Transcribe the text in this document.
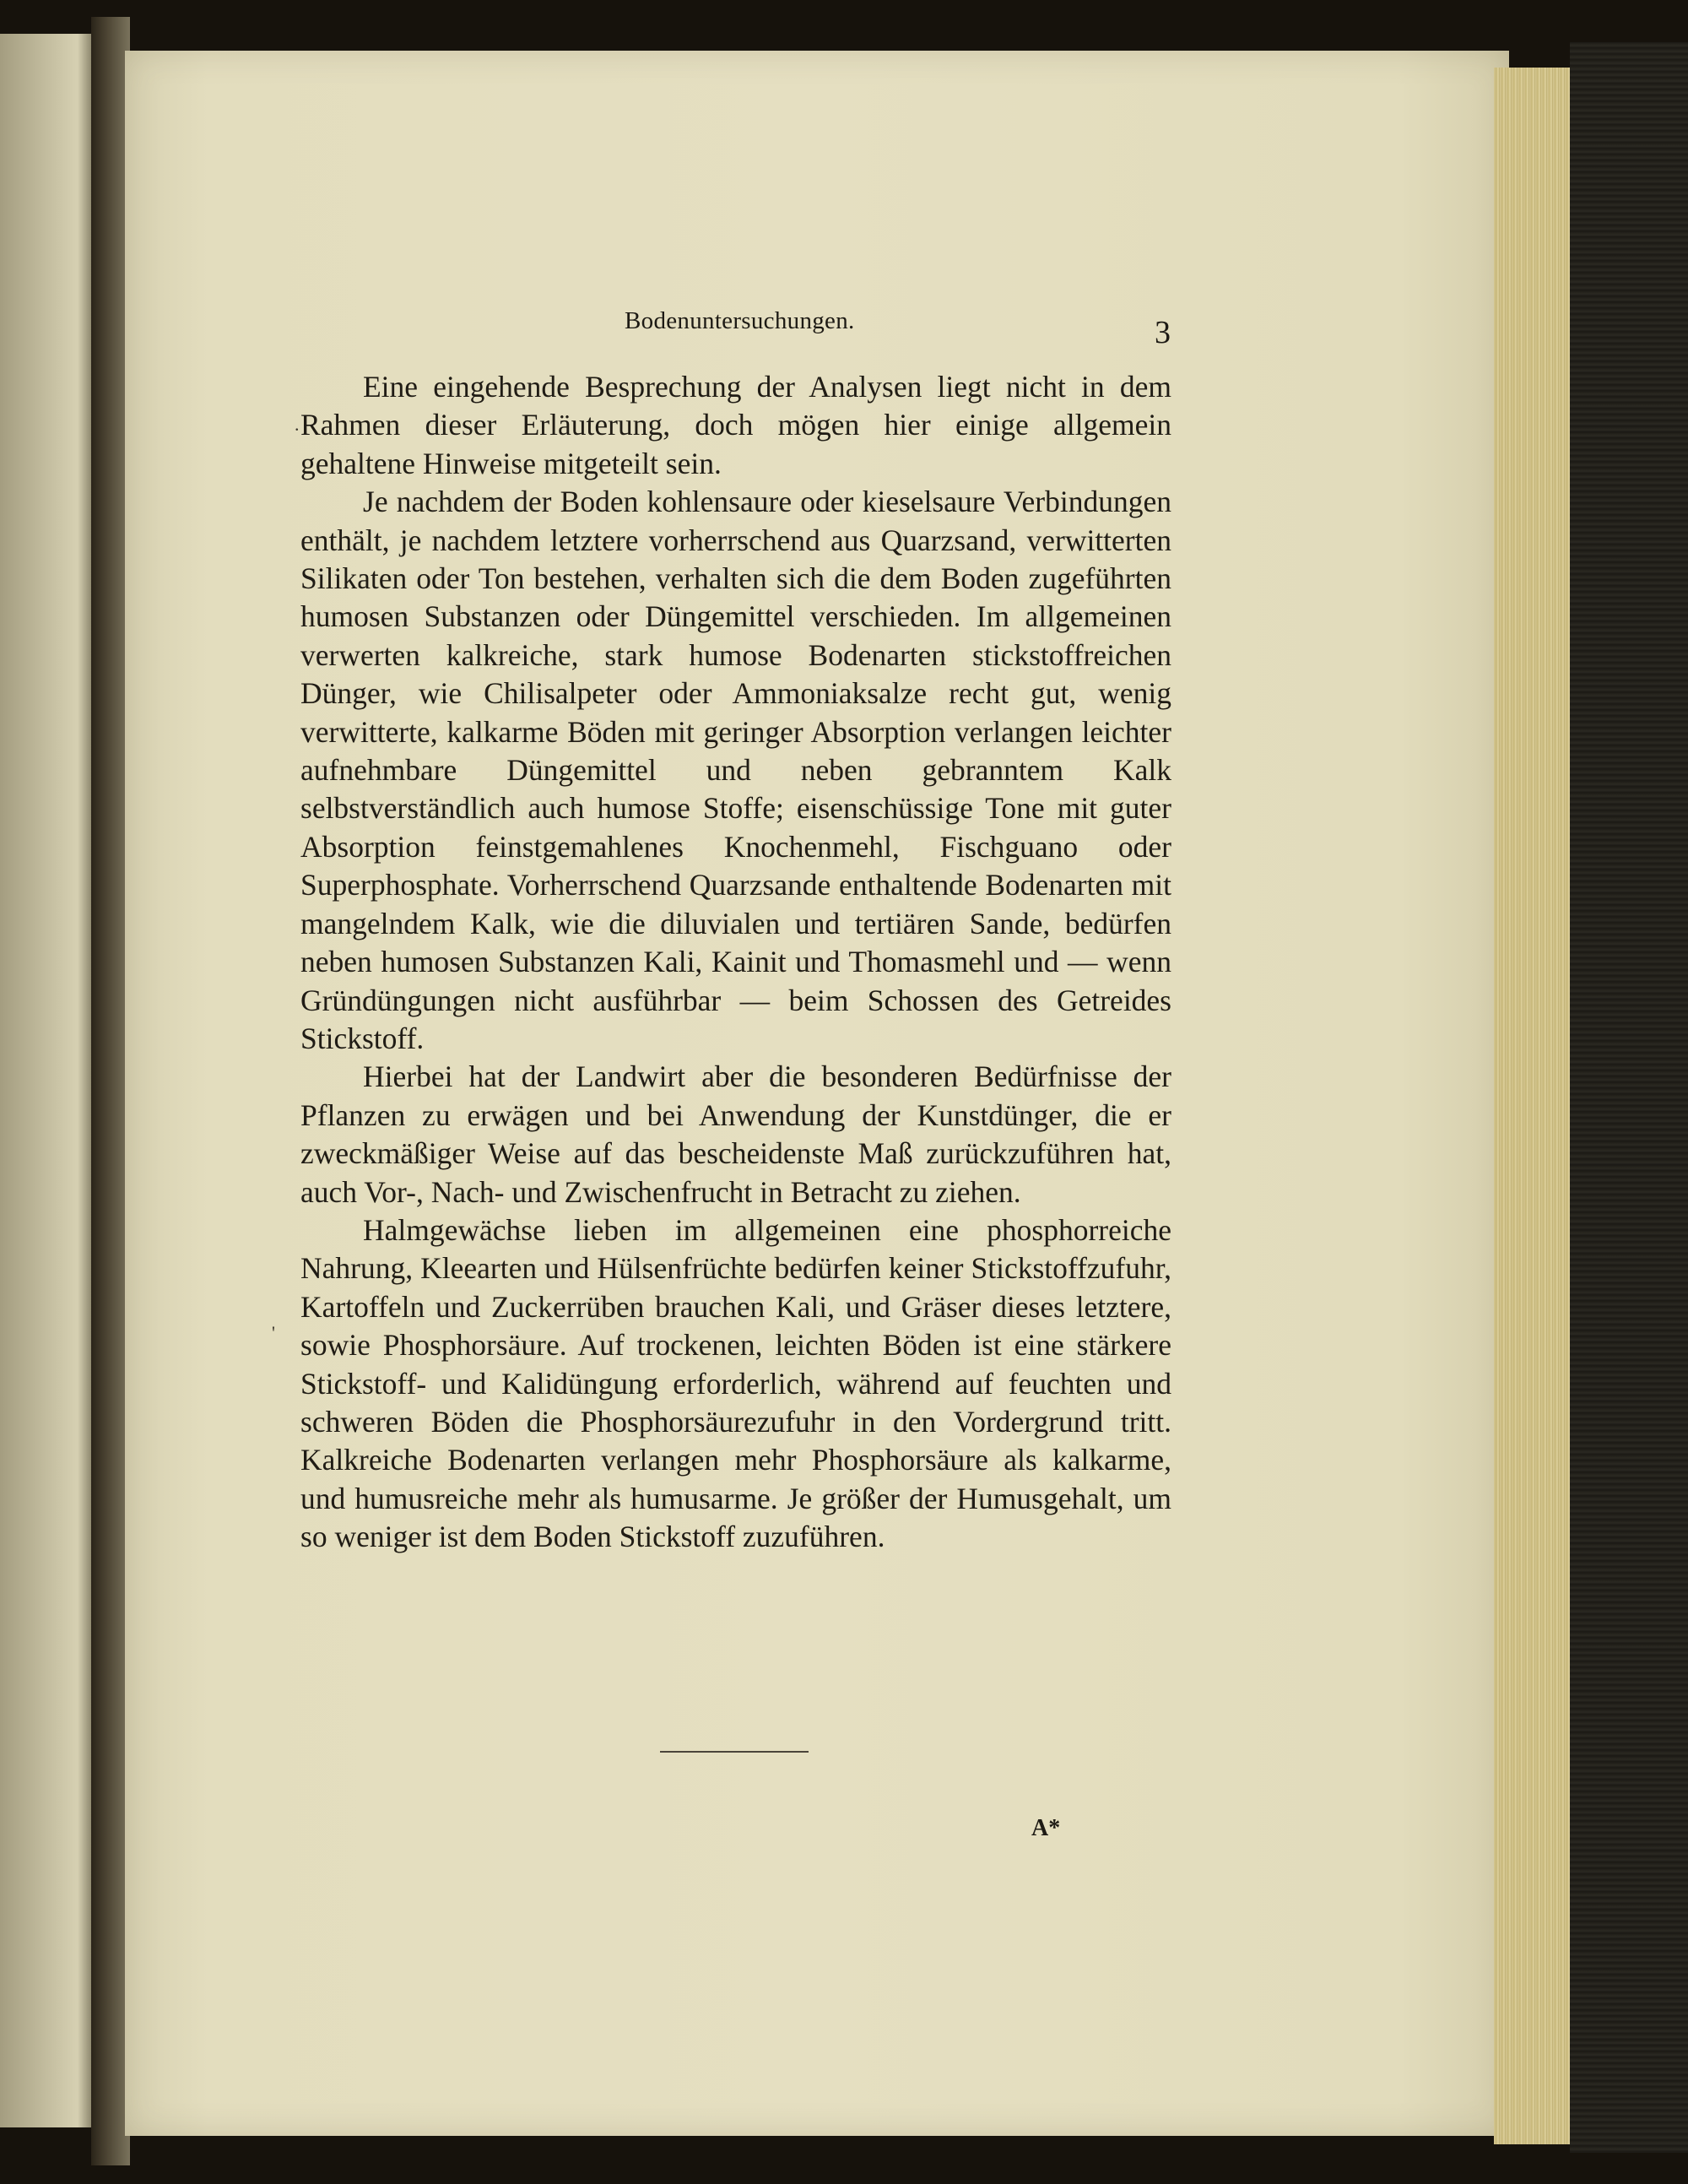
Bodenuntersuchungen.	3
.
'

Eine eingehende Besprechung der Analysen liegt nicht in dem Rahmen dieser Erläuterung, doch mögen hier einige allgemein gehaltene Hinweise mitgeteilt sein.

Je nachdem der Boden kohlensaure oder kieselsaure Verbindungen enthält, je nachdem letztere vorherrschend aus Quarzsand, verwitterten Silikaten oder Ton bestehen, verhalten sich die dem Boden zugeführten humosen Substanzen oder Düngemittel verschieden. Im allgemeinen verwerten kalkreiche, stark humose Bodenarten stickstoffreichen Dünger, wie Chilisalpeter oder Ammoniaksalze recht gut, wenig verwitterte, kalkarme Böden mit geringer Absorption verlangen leichter aufnehmbare Düngemittel und neben gebranntem Kalk selbstverständlich auch humose Stoffe; eisenschüssige Tone mit guter Absorption feinstgemahlenes Knochenmehl, Fischguano oder Superphosphate. Vorherrschend Quarzsande enthaltende Bodenarten mit mangelndem Kalk, wie die diluvialen und tertiären Sande, bedürfen neben humosen Substanzen Kali, Kainit und Thomasmehl und — wenn Gründüngungen nicht ausführbar — beim Schossen des Getreides Stickstoff.

Hierbei hat der Landwirt aber die besonderen Bedürfnisse der Pflanzen zu erwägen und bei Anwendung der Kunstdünger, die er zweckmäßiger Weise auf das bescheidenste Maß zurückzuführen hat, auch Vor-, Nach- und Zwischenfrucht in Betracht zu ziehen.

Halmgewächse lieben im allgemeinen eine phosphorreiche Nahrung, Kleearten und Hülsenfrüchte bedürfen keiner Stickstoffzufuhr, Kartoffeln und Zuckerrüben brauchen Kali, und Gräser dieses letztere, sowie Phosphorsäure. Auf trockenen, leichten Böden ist eine stärkere Stickstoff- und Kalidüngung erforderlich, während auf feuchten und schweren Böden die Phosphorsäurezufuhr in den Vordergrund tritt. Kalkreiche Bodenarten verlangen mehr Phosphorsäure als kalkarme, und humusreiche mehr als humusarme. Je größer der Humusgehalt, um so weniger ist dem Boden Stickstoff zuzuführen.

A*
